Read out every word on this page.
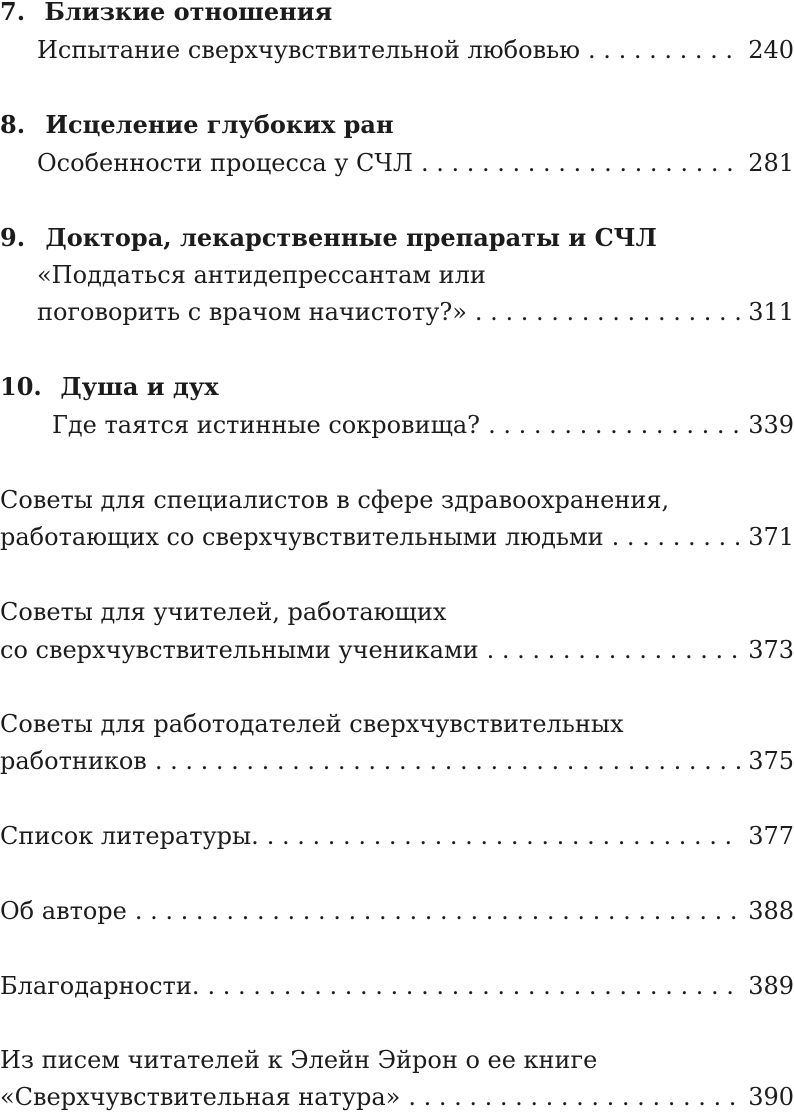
7. Близкие отношения
Испытание сверхчувствительной любовью . . .	240
8. Исцеление глубоких ран
Особенности процесса у СЧЛ . . .	281
9. Доктора, лекарственные препараты и СЧЛ
«Поддаться антидепрессантам или
поговорить с врачом начистоту?» . . .	311
10. Душа и дух
Где таятся истинные сокровища? . . .	339
Советы для специалистов в сфере здравоохранения,
работающих со сверхчувствительными людьми . . .	371
Советы для учителей, работающих
со сверхчувствительными учениками . . .	373
Советы для работодателей сверхчувствительных
работников . . .	375
Список литературы. . . .	377
Об авторе . . .	388
Благодарности. . . .	389
Из писем читателей к Элейн Эйрон о ее книге
«Сверхчувствительная натура» . . .	390
